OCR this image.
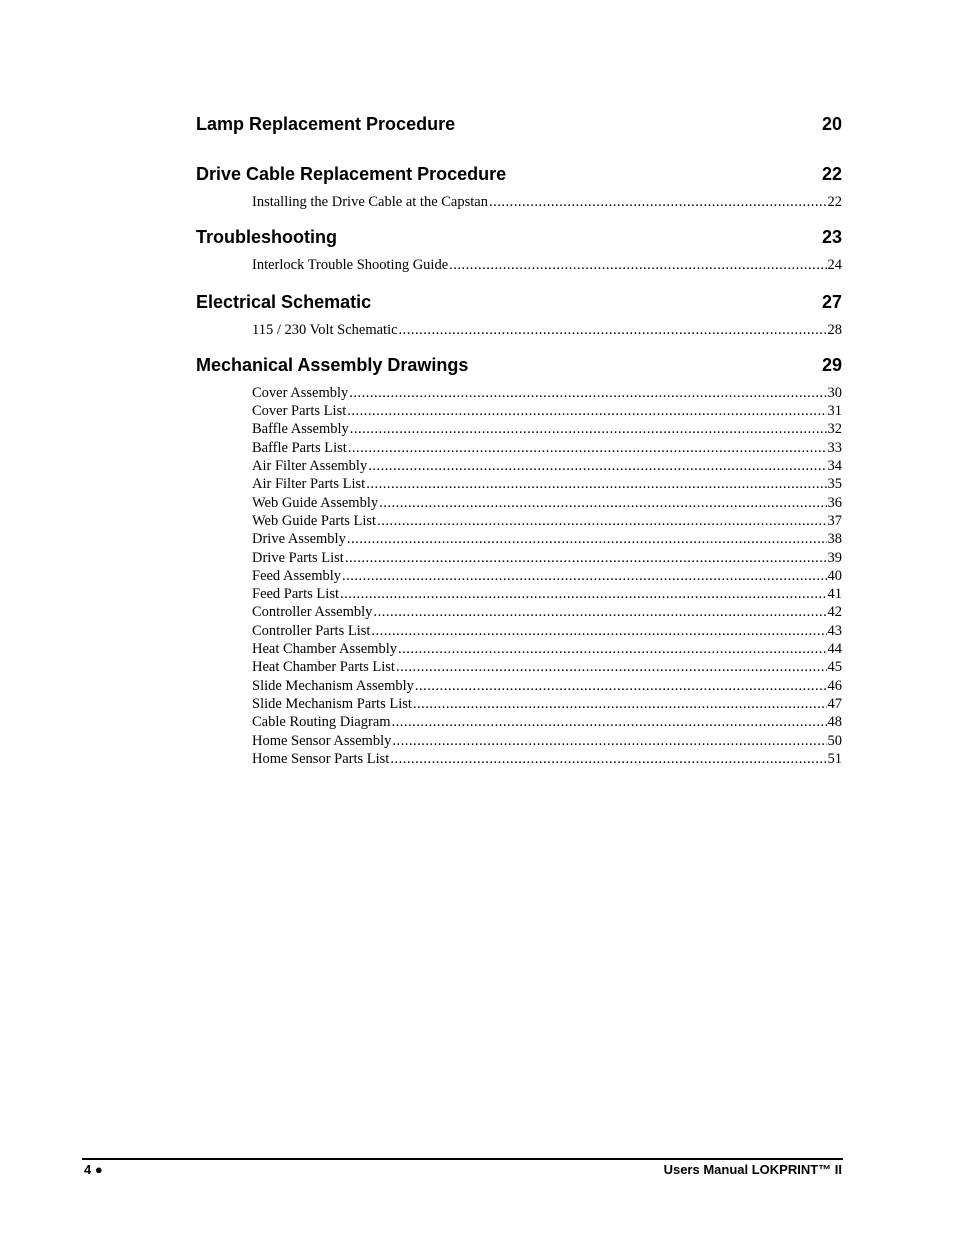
Lamp Replacement Procedure	20
Drive Cable Replacement Procedure	22
Installing the Drive Cable at the Capstan .....	22
Troubleshooting	23
Interlock Trouble Shooting Guide .....	24
Electrical Schematic	27
115 / 230 Volt Schematic .....	28
Mechanical Assembly Drawings	29
Cover Assembly .....	30
Cover Parts List .....	31
Baffle Assembly .....	32
Baffle Parts List .....	33
Air Filter Assembly .....	34
Air Filter Parts List .....	35
Web Guide Assembly .....	36
Web Guide Parts List .....	37
Drive Assembly .....	38
Drive Parts List .....	39
Feed Assembly .....	40
Feed Parts List .....	41
Controller Assembly .....	42
Controller Parts List .....	43
Heat Chamber Assembly .....	44
Heat Chamber Parts List .....	45
Slide Mechanism Assembly .....	46
Slide Mechanism Parts List .....	47
Cable Routing Diagram .....	48
Home Sensor Assembly .....	50
Home Sensor Parts List .....	51
4 ●	Users Manual LOKPRINT™ II
